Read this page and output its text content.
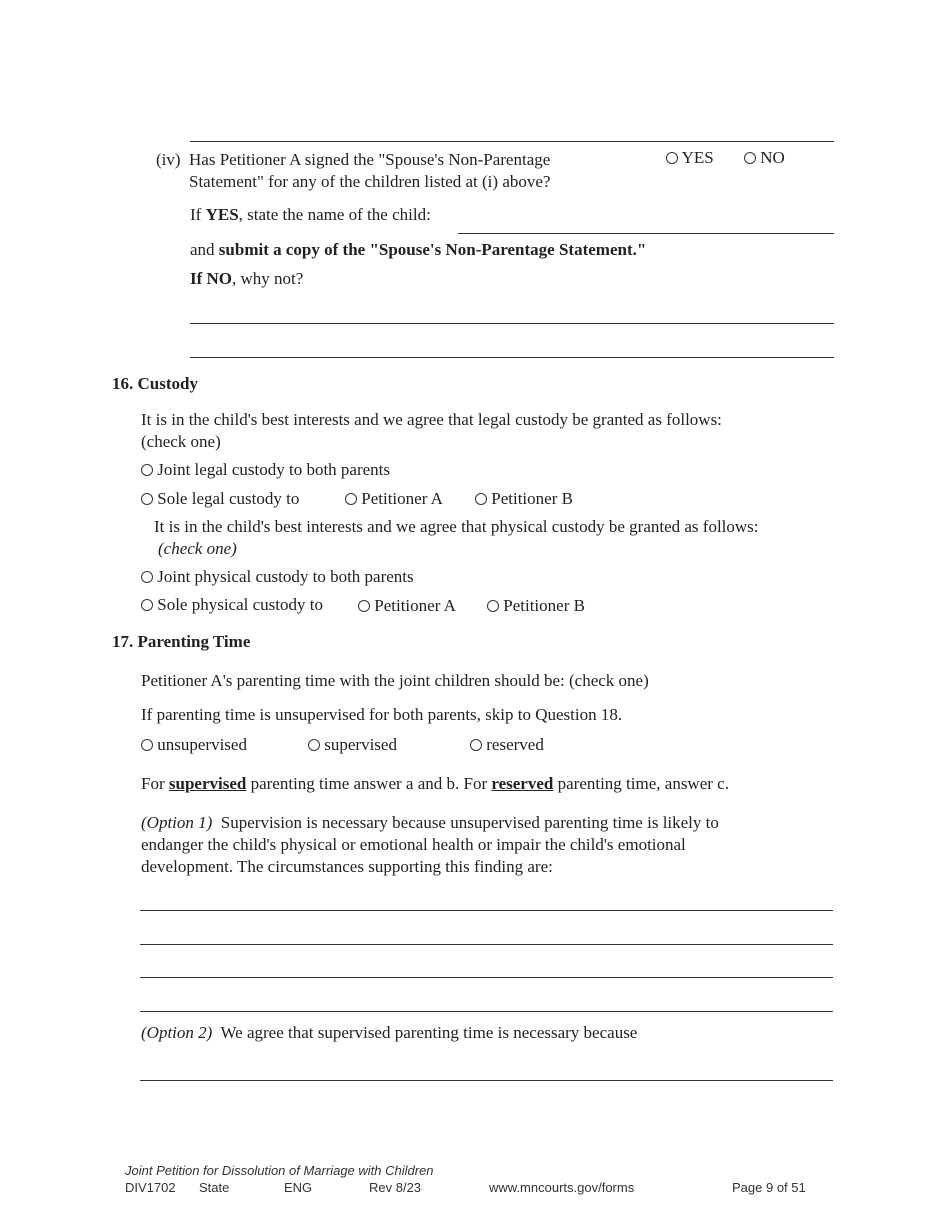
(iv) Has Petitioner A signed the "Spouse's Non-Parentage
Statement" for any of the children listed at (i) above?
YES	NO
If YES, state the name of the child:
and submit a copy of the "Spouse's Non-Parentage Statement."
If NO, why not?
16. Custody
It is in the child's best interests and we agree that legal custody be granted as follows:
(check one)
Joint legal custody to both parents
Sole legal custody to	Petitioner A	Petitioner B
It is in the child's best interests and we agree that physical custody be granted as follows:
(check one)
Joint physical custody to both parents
Sole physical custody to	Petitioner A	Petitioner B
17. Parenting Time
Petitioner A's parenting time with the joint children should be: (check one)
If parenting time is unsupervised for both parents, skip to Question 18.
unsupervised	supervised	reserved
For supervised parenting time answer a and b. For reserved parenting time, answer c.
(Option 1) Supervision is necessary because unsupervised parenting time is likely to
endanger the child's physical or emotional health or impair the child's emotional
development. The circumstances supporting this finding are:
(Option 2) We agree that supervised parenting time is necessary because
Joint Petition for Dissolution of Marriage with Children
DIV1702 State	ENG	Rev 8/23	www.mncourts.gov/forms	Page 9 of 51
